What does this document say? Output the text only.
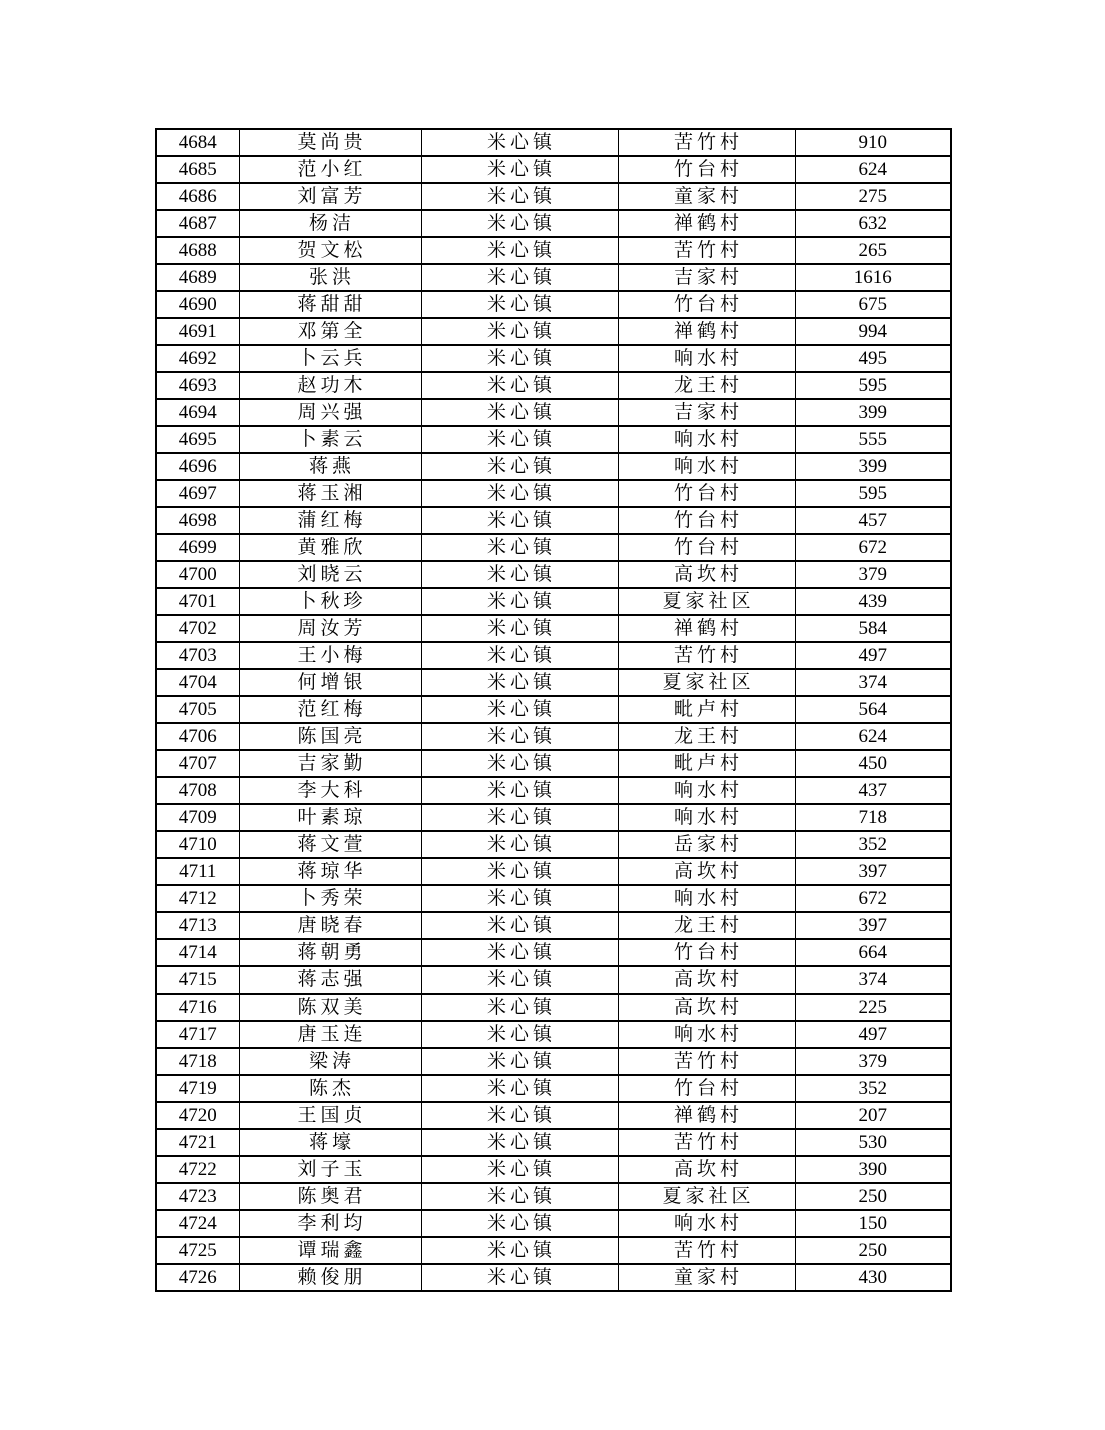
4684	莫尚贵	米心镇	苦竹村	910
4685	范小红	米心镇	竹台村	624
4686	刘富芳	米心镇	童家村	275
4687	杨洁	米心镇	禅鹤村	632
4688	贺文松	米心镇	苦竹村	265
4689	张洪	米心镇	吉家村	1616
4690	蒋甜甜	米心镇	竹台村	675
4691	邓第全	米心镇	禅鹤村	994
4692	卜云兵	米心镇	响水村	495
4693	赵功木	米心镇	龙王村	595
4694	周兴强	米心镇	吉家村	399
4695	卜素云	米心镇	响水村	555
4696	蒋燕	米心镇	响水村	399
4697	蒋玉湘	米心镇	竹台村	595
4698	蒲红梅	米心镇	竹台村	457
4699	黄雅欣	米心镇	竹台村	672
4700	刘晓云	米心镇	高坎村	379
4701	卜秋珍	米心镇	夏家社区	439
4702	周汝芳	米心镇	禅鹤村	584
4703	王小梅	米心镇	苦竹村	497
4704	何增银	米心镇	夏家社区	374
4705	范红梅	米心镇	毗卢村	564
4706	陈国亮	米心镇	龙王村	624
4707	吉家勤	米心镇	毗卢村	450
4708	李大科	米心镇	响水村	437
4709	叶素琼	米心镇	响水村	718
4710	蒋文萱	米心镇	岳家村	352
4711	蒋琼华	米心镇	高坎村	397
4712	卜秀荣	米心镇	响水村	672
4713	唐晓春	米心镇	龙王村	397
4714	蒋朝勇	米心镇	竹台村	664
4715	蒋志强	米心镇	高坎村	374
4716	陈双美	米心镇	高坎村	225
4717	唐玉连	米心镇	响水村	497
4718	梁涛	米心镇	苦竹村	379
4719	陈杰	米心镇	竹台村	352
4720	王国贞	米心镇	禅鹤村	207
4721	蒋壕	米心镇	苦竹村	530
4722	刘子玉	米心镇	高坎村	390
4723	陈奥君	米心镇	夏家社区	250
4724	李利均	米心镇	响水村	150
4725	谭瑞鑫	米心镇	苦竹村	250
4726	赖俊朋	米心镇	童家村	430
